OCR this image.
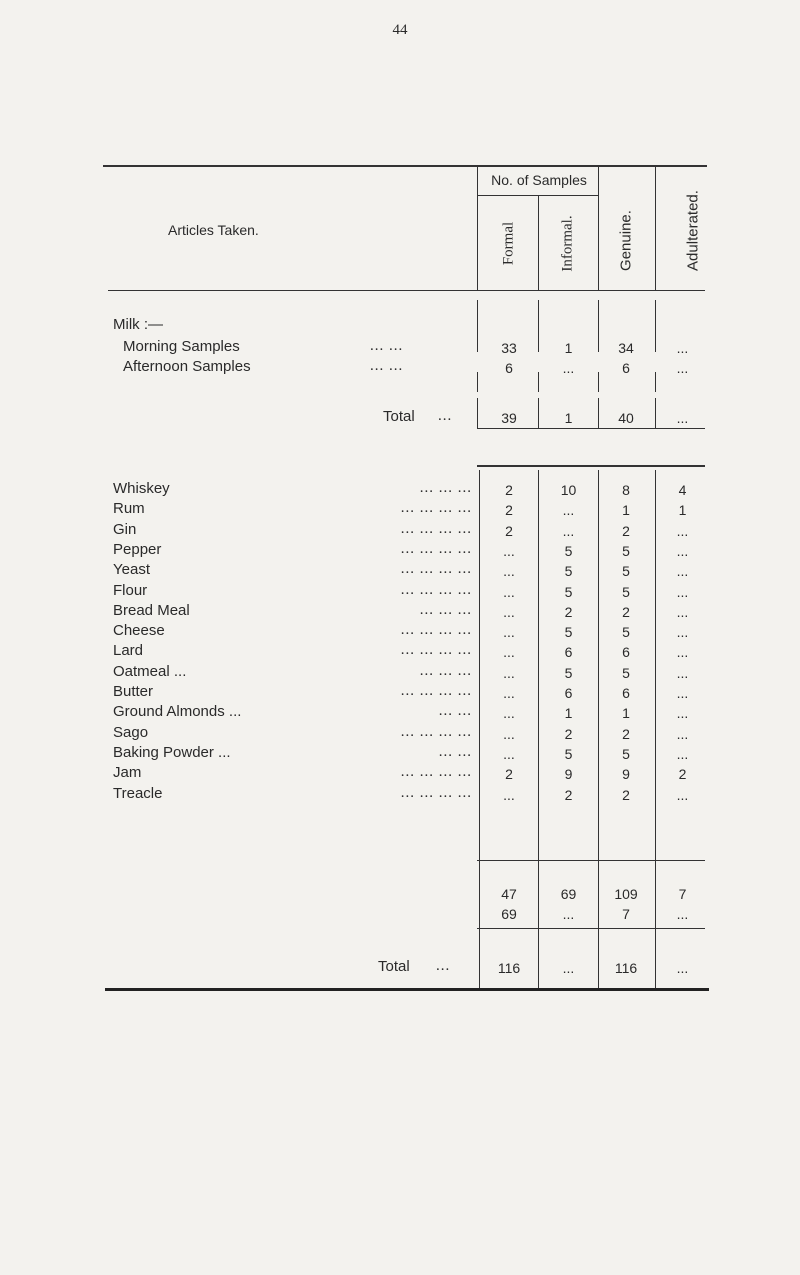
44
Articles Taken.
No. of Samples
Formal	Informal.	Genuine.	Adulterated.
Milk :—
Morning Samples	... ...	33	1	34	...
Afternoon Samples	... ...	6	...	6	...
Total ...	39	1	40	...
Whiskey	... ... ...	2	10	8	4
Rum	... ... ... ...	2	...	1	1
Gin	... ... ... ...	2	...	2	...
Pepper	... ... ... ...	...	5	5	...
Yeast	... ... ... ...	...	5	5	...
Flour	... ... ... ...	...	5	5	...
Bread Meal	... ... ...	...	2	2	...
Cheese	... ... ... ...	...	5	5	...
Lard	... ... ... ...	...	6	6	...
Oatmeal ...	... ... ...	...	5	5	...
Butter	... ... ... ...	...	6	6	...
Ground Almonds ...	... ...	...	1	1	...
Sago	... ... ... ...	...	2	2	...
Baking Powder ...	... ...	...	5	5	...
Jam	... ... ... ...	2	9	9	2
Treacle	... ... ... ...	...	2	2	...
47	69	109	7
69	...	7	...
Total ...	116	...	116	...
